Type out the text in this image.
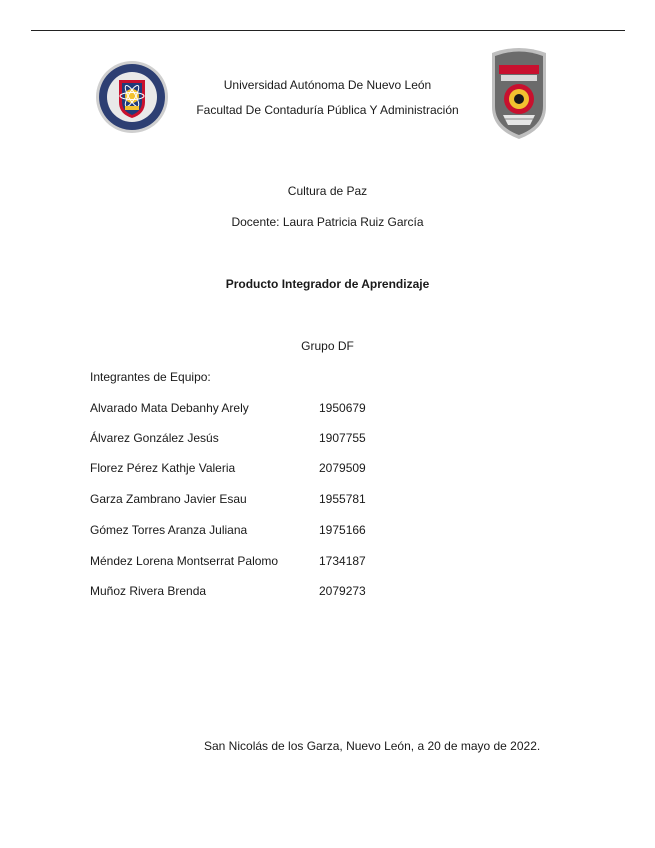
Universidad Autónoma De Nuevo León
Facultad De Contaduría Pública Y Administración
Cultura de Paz
Docente: Laura Patricia Ruiz García
Producto Integrador de Aprendizaje
Grupo DF
Integrantes de Equipo:
Alvarado Mata Debanhy Arely	1950679
Álvarez González Jesús	1907755
Florez Pérez Kathje Valeria	2079509
Garza Zambrano Javier Esau	1955781
Gómez Torres Aranza Juliana	1975166
Méndez Lorena Montserrat Palomo	1734187
Muñoz Rivera Brenda	2079273
San Nicolás de los Garza, Nuevo León, a 20 de mayo de 2022.
